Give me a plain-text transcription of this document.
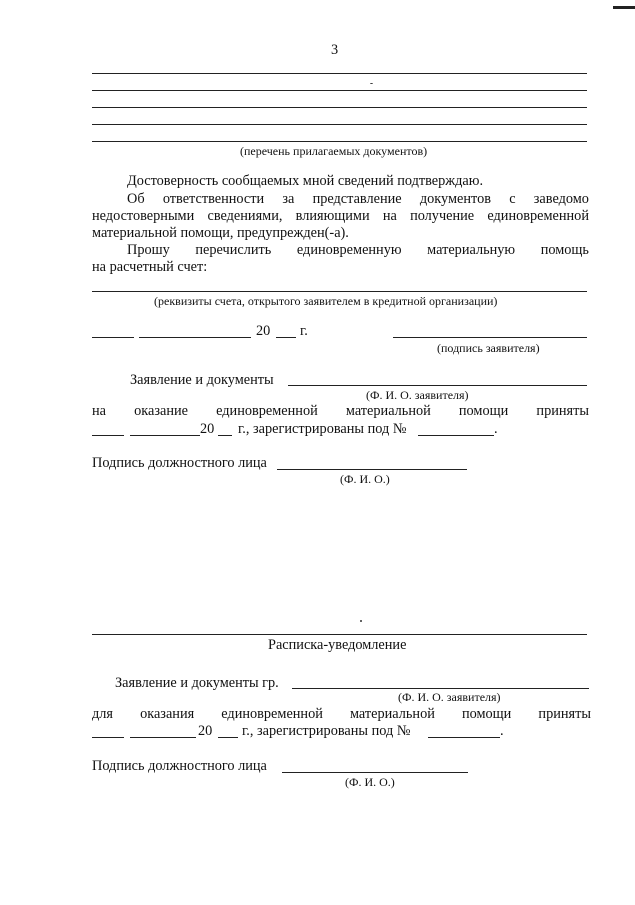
3
(перечень прилагаемых документов)
Достоверность сообщаемых мной сведений подтверждаю.
Об ответственности за представление документов с заведомо
недостоверными сведениями, влияющими на получение единовременной
материальной помощи, предупрежден(-а).
Прошу перечислить единовременную материальную помощь
на расчетный счет:
(реквизиты счета, открытого заявителем в кредитной организации)
20 г.
(подпись заявителя)
Заявление и документы
(Ф. И. О. заявителя)
на оказание единовременной материальной помощи приняты
20 г., зарегистрированы под №	.
Подпись должностного лица
(Ф. И. О.)
Расписка-уведомление
Заявление и документы гр.
(Ф. И. О. заявителя)
для оказания единовременной материальной помощи приняты
20 г., зарегистрированы под №	.
Подпись должностного лица
(Ф. И. О.)
